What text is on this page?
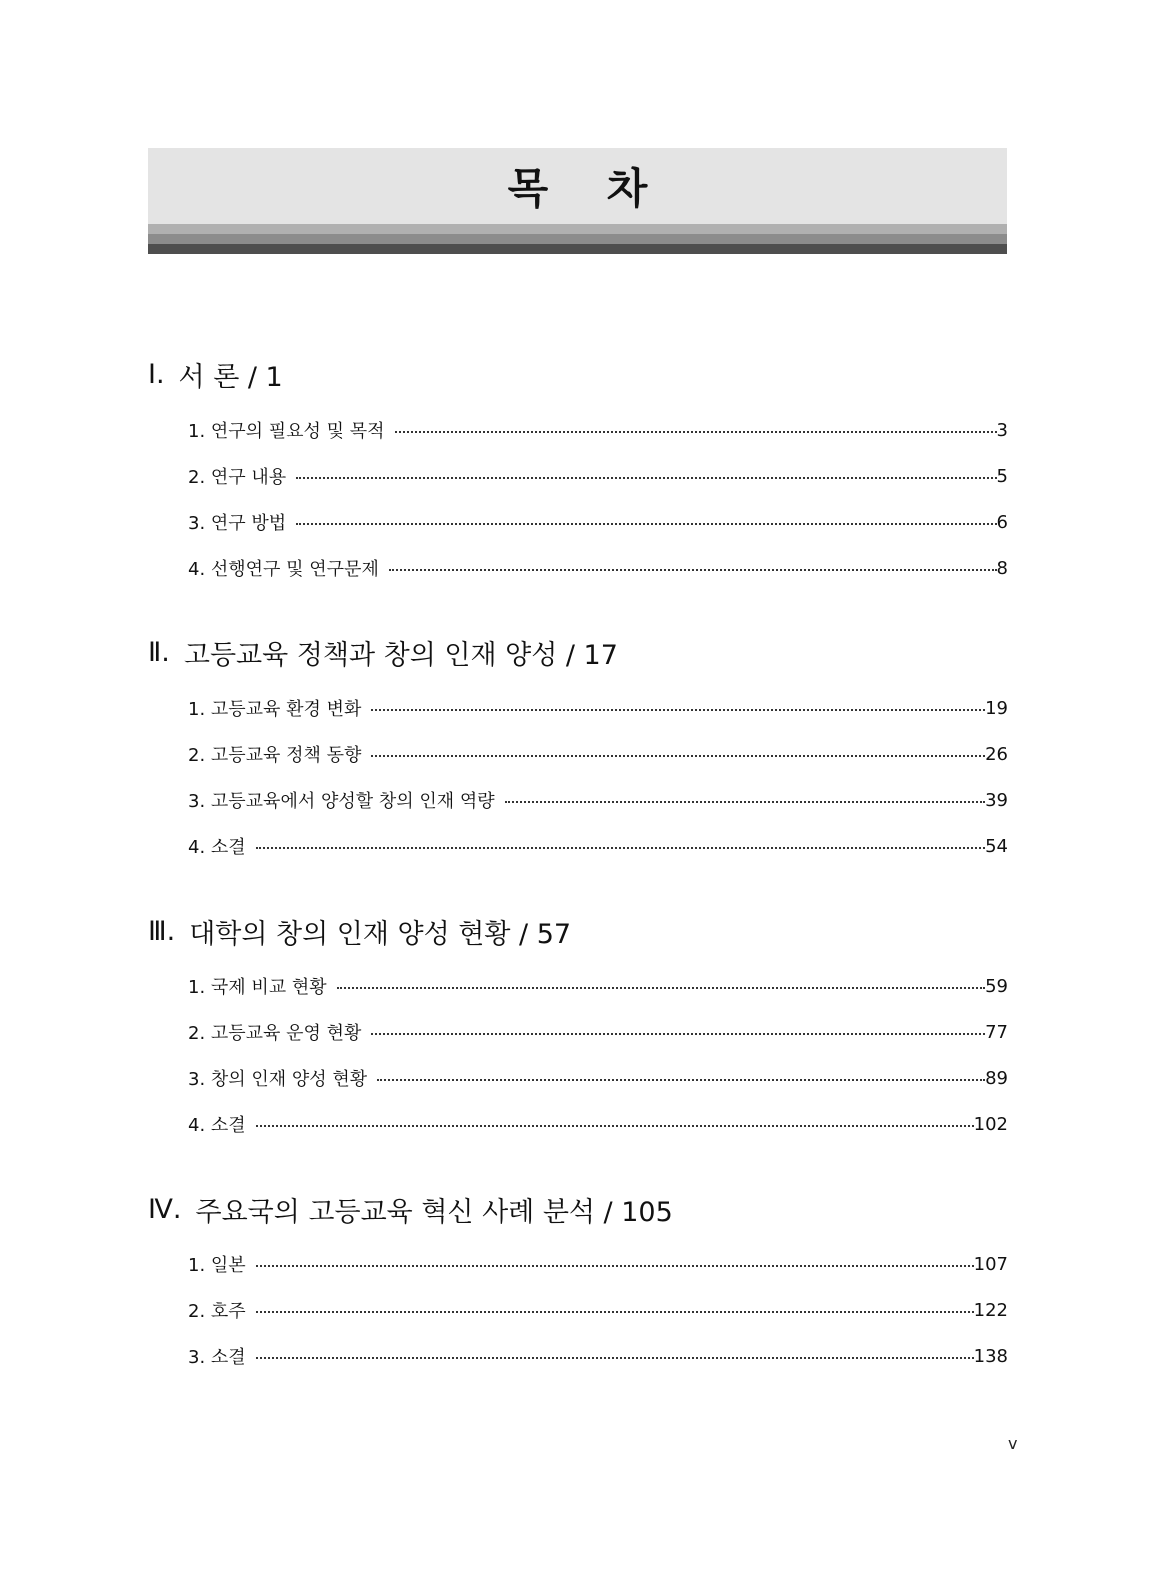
목 차
Ⅰ. 서 론 / 1
1. 연구의 필요성 및 목적	3
2. 연구 내용	5
3. 연구 방법	6
4. 선행연구 및 연구문제	8
Ⅱ. 고등교육 정책과 창의 인재 양성 / 17
1. 고등교육 환경 변화	19
2. 고등교육 정책 동향	26
3. 고등교육에서 양성할 창의 인재 역량	39
4. 소결	54
Ⅲ. 대학의 창의 인재 양성 현황 / 57
1. 국제 비교 현황	59
2. 고등교육 운영 현황	77
3. 창의 인재 양성 현황	89
4. 소결	102
Ⅳ. 주요국의 고등교육 혁신 사례 분석 / 105
1. 일본	107
2. 호주	122
3. 소결	138
v
